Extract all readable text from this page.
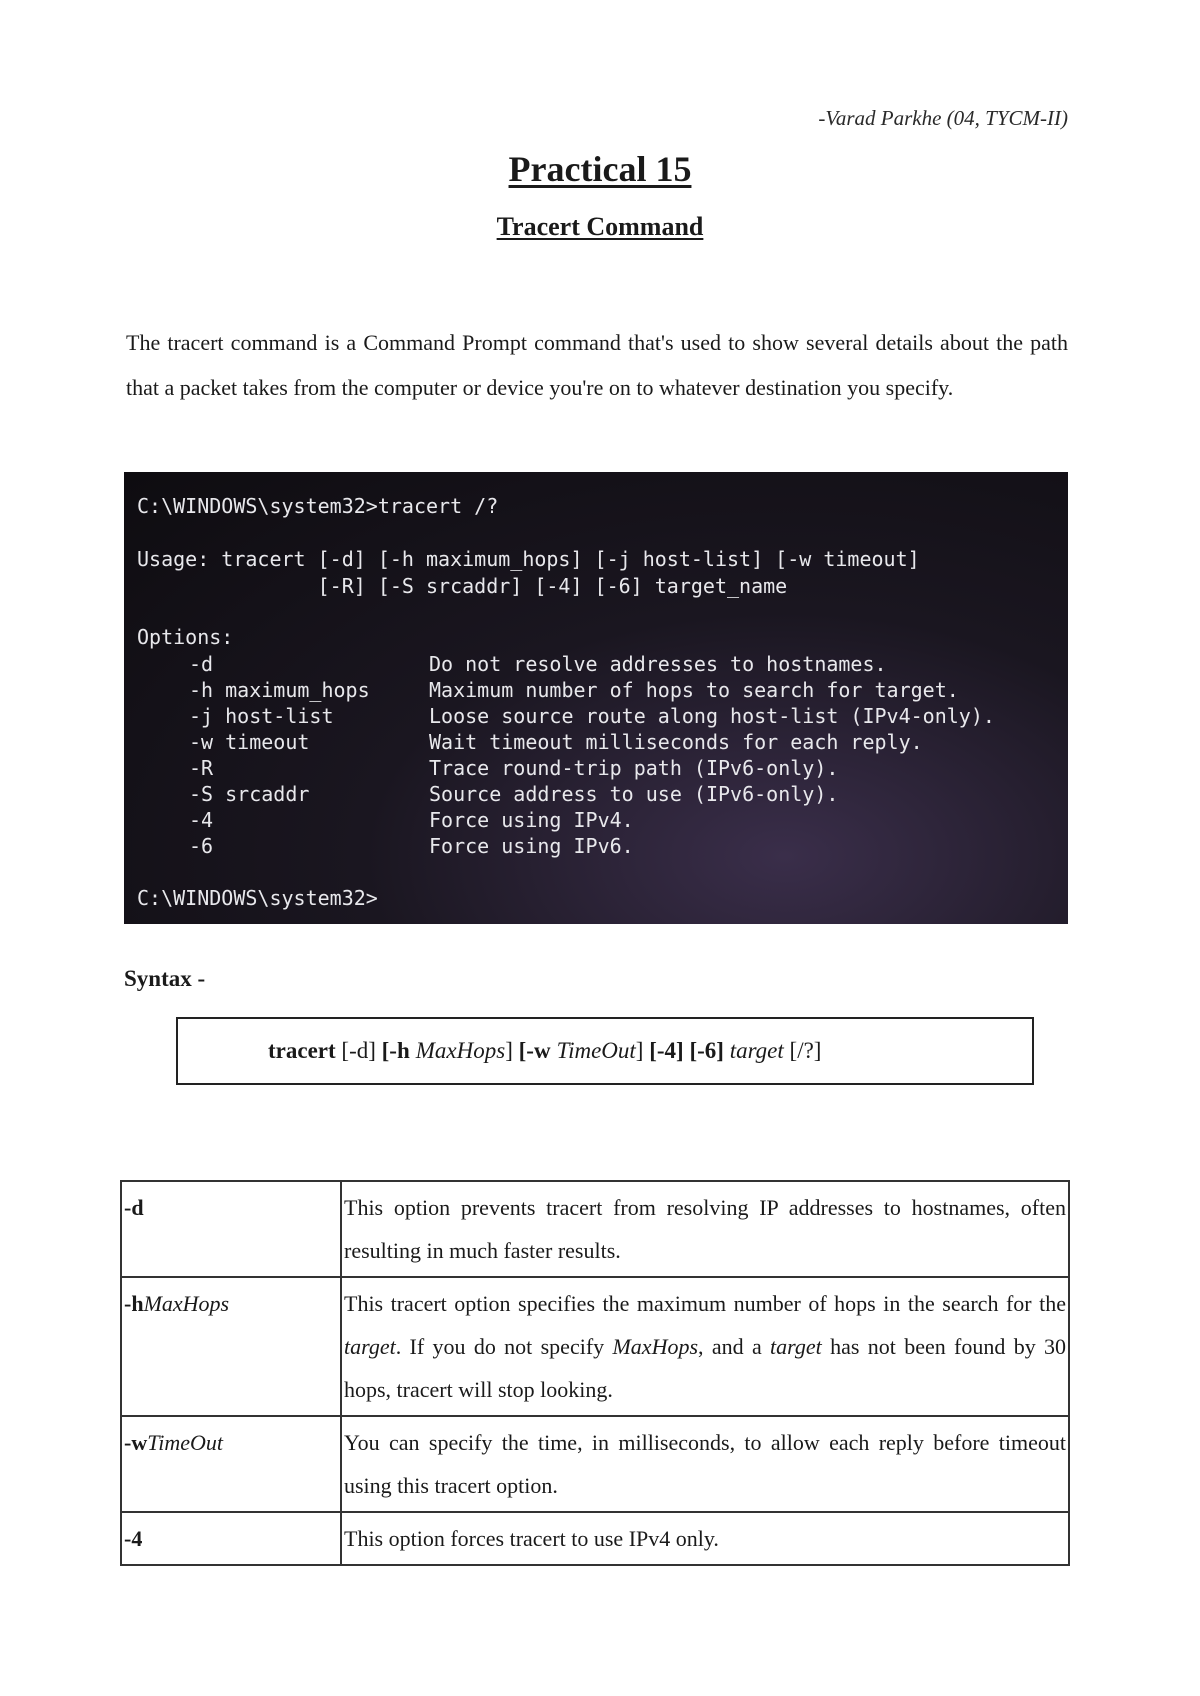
-Varad Parkhe (04, TYCM-II)
Practical 15
Tracert Command
The tracert command is a Command Prompt command that's used to show several details about the path that a packet takes from the computer or device you're on to whatever destination you specify.
C:\WINDOWS\system32>tracert /?
Usage: tracert [-d] [-h maximum_hops] [-j host-list] [-w timeout]
[-R] [-S srcaddr] [-4] [-6] target_name
Options:
-d	Do not resolve addresses to hostnames.
-h maximum_hops	Maximum number of hops to search for target.
-j host-list	Loose source route along host-list (IPv4-only).
-w timeout	Wait timeout milliseconds for each reply.
-R	Trace round-trip path (IPv6-only).
-S srcaddr	Source address to use (IPv6-only).
-4	Force using IPv4.
-6	Force using IPv6.
C:\WINDOWS\system32>
Syntax -
tracert [-d] [-h MaxHops] [-w TimeOut] [-4] [-6] target [/?]
-d	This option prevents tracert from resolving IP addresses to hostnames, often resulting in much faster results.
-hMaxHops	This tracert option specifies the maximum number of hops in the search for the target. If you do not specify MaxHops, and a target has not been found by 30 hops, tracert will stop looking.
-wTimeOut	You can specify the time, in milliseconds, to allow each reply before timeout using this tracert option.
-4	This option forces tracert to use IPv4 only.
